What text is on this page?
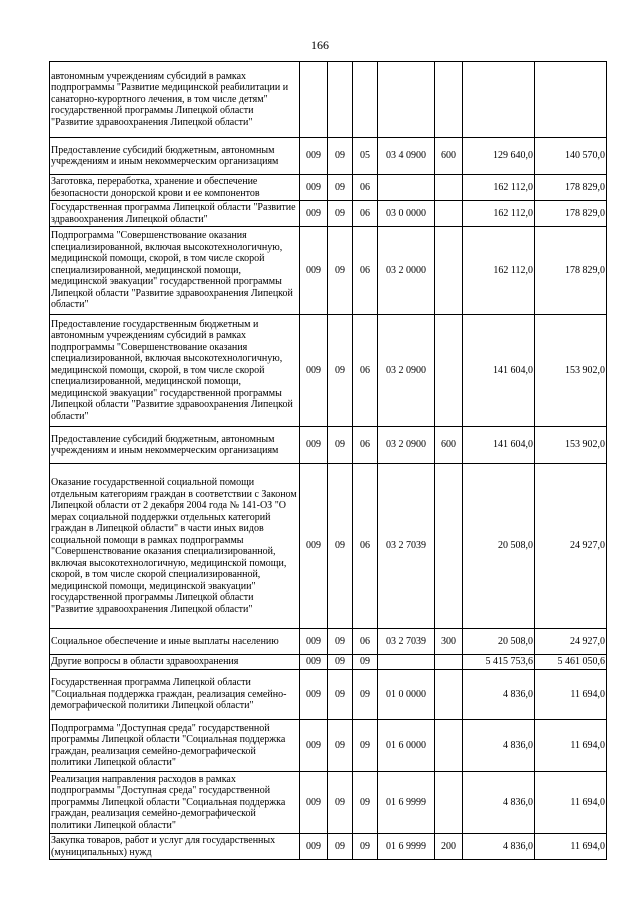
166
автономным учреждениям субсидий в рамках подпрограммы "Развитие медицинской реабилитации и санаторно-курортного лечения, в том числе детям" государственной программы Липецкой области "Развитие здравоохранения Липецкой области"							
Предоставление субсидий бюджетным, автономным учреждениям и иным некоммерческим организациям	009	09	05	03 4 0900	600	129 640,0	140 570,0
Заготовка, переработка, хранение и обеспечение безопасности донорской крови и ее компонентов	009	09	06			162 112,0	178 829,0
Государственная программа Липецкой области "Развитие здравоохранения Липецкой области"	009	09	06	03 0 0000		162 112,0	178 829,0
Подпрограмма "Совершенствование оказания специализированной, включая высокотехнологичную, медицинской помощи, скорой, в том числе скорой специализированной, медицинской помощи, медицинской эвакуации" государственной программы Липецкой области "Развитие здравоохранения Липецкой области"	009	09	06	03 2 0000		162 112,0	178 829,0
Предоставление государственным бюджетным и автономным учреждениям субсидий в рамках подпрограммы "Совершенствование оказания специализированной, включая высокотехнологичную, медицинской помощи, скорой, в том числе скорой специализированной, медицинской помощи, медицинской эвакуации" государственной программы Липецкой области "Развитие здравоохранения Липецкой области"	009	09	06	03 2 0900		141 604,0	153 902,0
Предоставление субсидий бюджетным, автономным учреждениям и иным некоммерческим организациям	009	09	06	03 2 0900	600	141 604,0	153 902,0
Оказание государственной социальной помощи отдельным категориям граждан в соответствии с Законом Липецкой области от 2 декабря 2004 года № 141-ОЗ "О мерах социальной поддержки отдельных категорий граждан в Липецкой области" в части иных видов социальной помощи в рамках подпрограммы "Совершенствование оказания специализированной, включая высокотехнологичную, медицинской помощи, скорой, в том числе скорой специализированной, медицинской помощи, медицинской эвакуации" государственной программы Липецкой области "Развитие здравоохранения Липецкой области"	009	09	06	03 2 7039		20 508,0	24 927,0
Социальное обеспечение и иные выплаты населению	009	09	06	03 2 7039	300	20 508,0	24 927,0
Другие вопросы в области здравоохранения	009	09	09			5 415 753,6	5 461 050,6
Государственная программа Липецкой области "Социальная поддержка граждан, реализация семейно-демографической политики Липецкой области"	009	09	09	01 0 0000		4 836,0	11 694,0
Подпрограмма "Доступная среда" государственной программы Липецкой области "Социальная поддержка граждан, реализация семейно-демографической политики Липецкой области"	009	09	09	01 6 0000		4 836,0	11 694,0
Реализация направления расходов в рамках подпрограммы "Доступная среда" государственной программы Липецкой области "Социальная поддержка граждан, реализация семейно-демографической политики Липецкой области"	009	09	09	01 6 9999		4 836,0	11 694,0
Закупка товаров, работ и услуг для государственных (муниципальных) нужд	009	09	09	01 6 9999	200	4 836,0	11 694,0
